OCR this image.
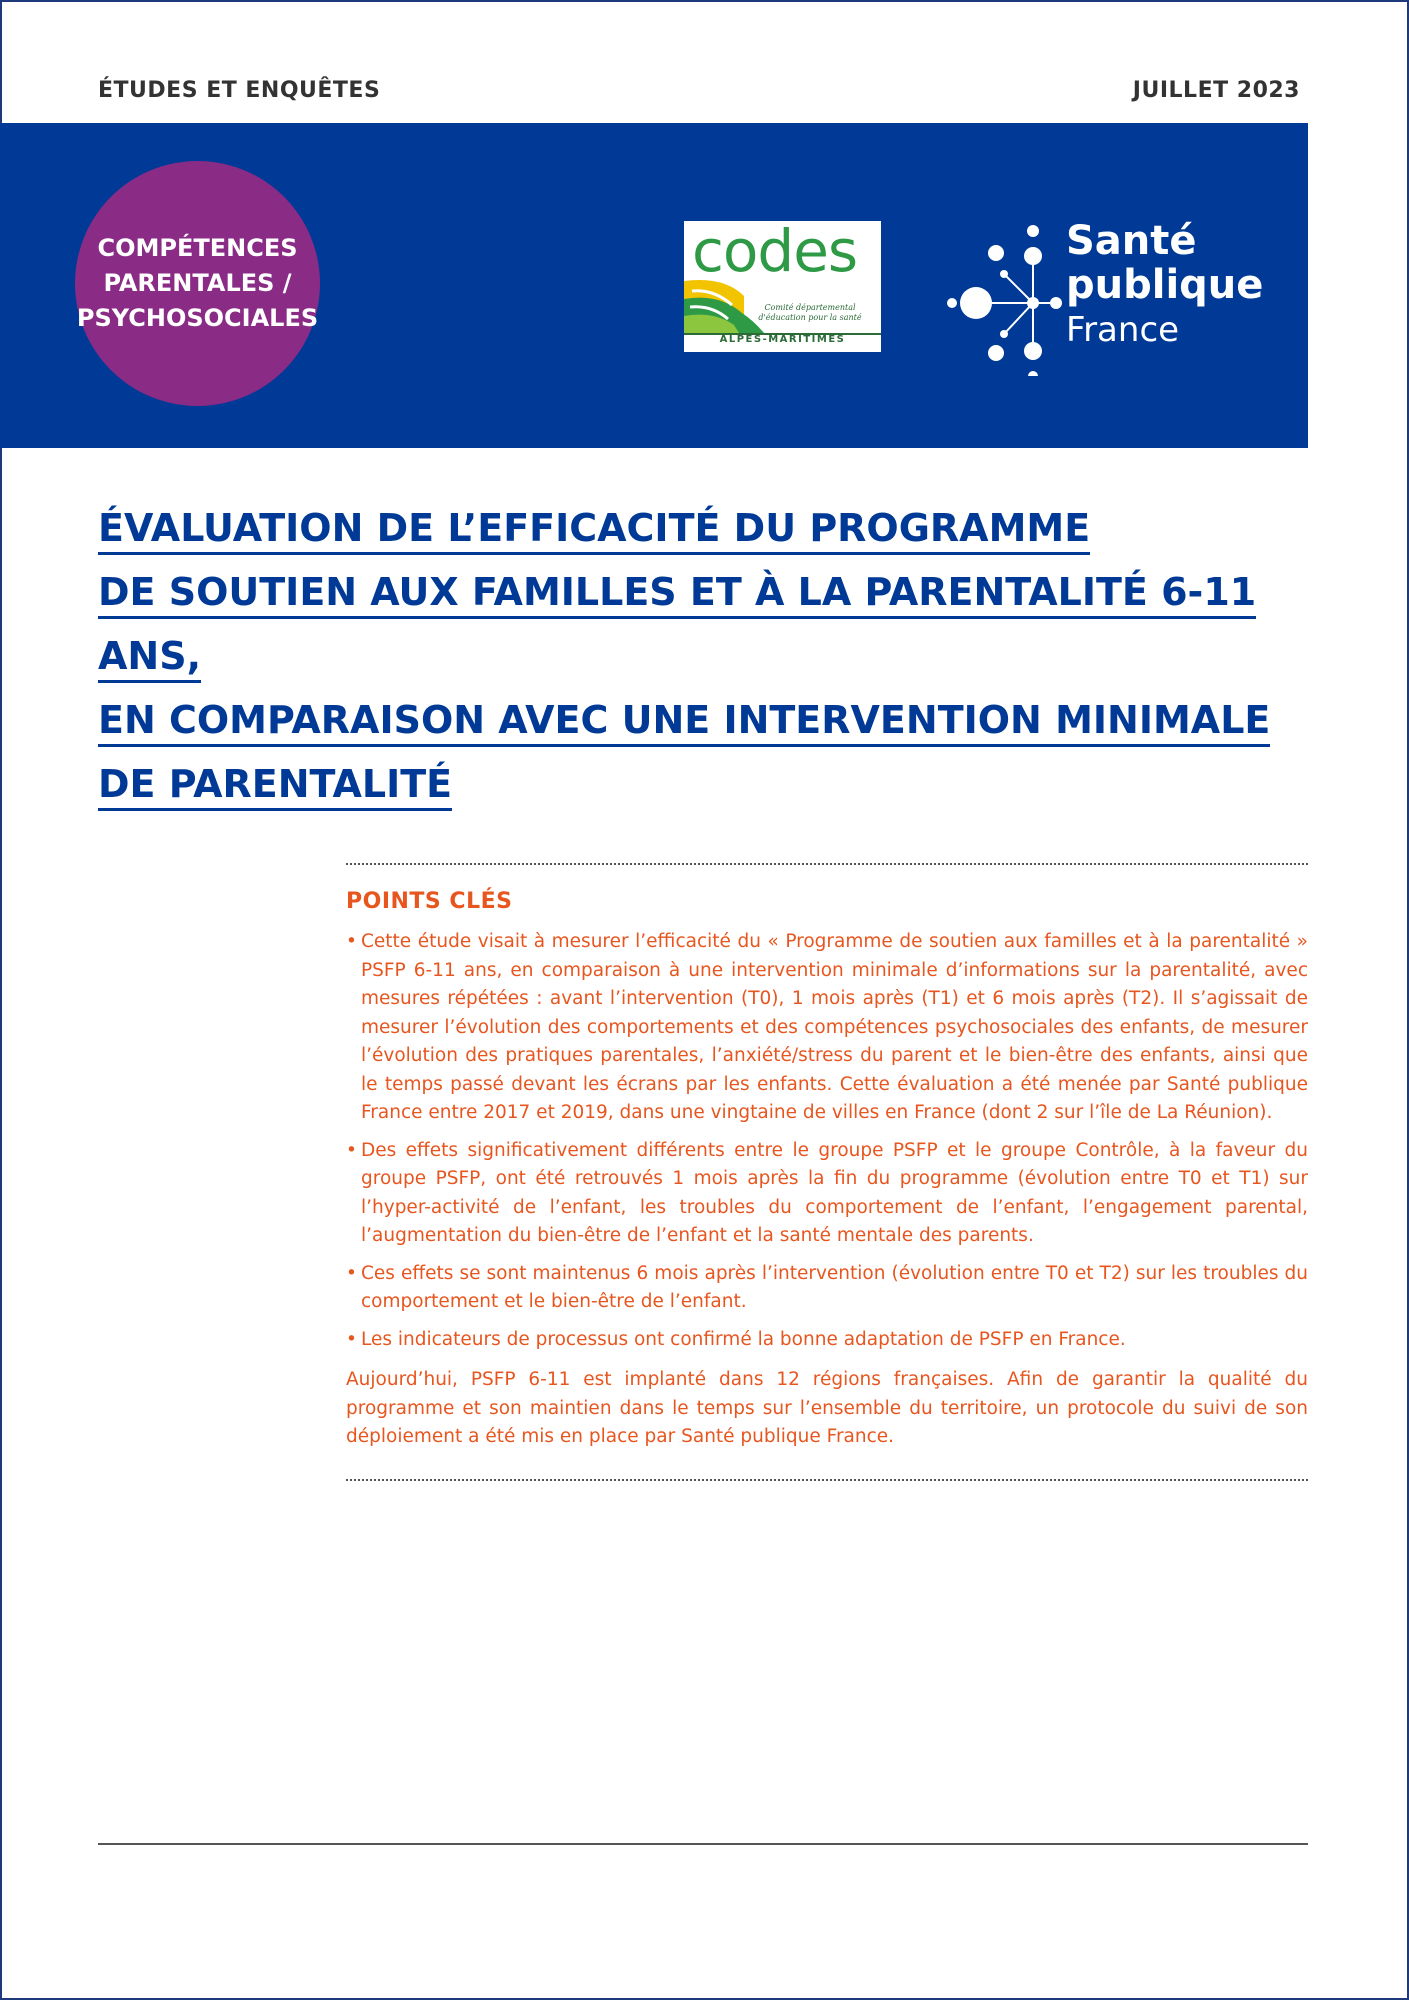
ÉTUDES ET ENQUÊTES	JUILLET 2023
COMPÉTENCES
PARENTALES /
PSYCHOSOCIALES
codes
Comité départemental d'éducation pour la santé
ALPES-MARITIMES
Santé
publique
France
ÉVALUATION DE L’EFFICACITÉ DU PROGRAMME
DE SOUTIEN AUX FAMILLES ET À LA PARENTALITÉ 6-11 ANS,
EN COMPARAISON AVEC UNE INTERVENTION MINIMALE
DE PARENTALITÉ
POINTS CLÉS
• Cette étude visait à mesurer l’efficacité du « Programme de soutien aux familles et à la parentalité » PSFP 6-11 ans, en comparaison à une intervention minimale d’informations sur la parentalité, avec mesures répétées : avant l’intervention (T0), 1 mois après (T1) et 6 mois après (T2). Il s’agissait de mesurer l’évolution des comportements et des compétences psychosociales des enfants, de mesurer l’évolution des pratiques parentales, l’anxiété/stress du parent et le bien-être des enfants, ainsi que le temps passé devant les écrans par les enfants. Cette évaluation a été menée par Santé publique France entre 2017 et 2019, dans une vingtaine de villes en France (dont 2 sur l’île de La Réunion).
• Des effets significativement différents entre le groupe PSFP et le groupe Contrôle, à la faveur du groupe PSFP, ont été retrouvés 1 mois après la fin du programme (évolution entre T0 et T1) sur l’hyper-activité de l’enfant, les troubles du comportement de l’enfant, l’engagement parental, l’augmentation du bien-être de l’enfant et la santé mentale des parents.
• Ces effets se sont maintenus 6 mois après l’intervention (évolution entre T0 et T2) sur les troubles du comportement et le bien-être de l’enfant.
• Les indicateurs de processus ont confirmé la bonne adaptation de PSFP en France.

Aujourd’hui, PSFP 6-11 est implanté dans 12 régions françaises. Afin de garantir la qualité du programme et son maintien dans le temps sur l’ensemble du territoire, un protocole du suivi de son déploiement a été mis en place par Santé publique France.
